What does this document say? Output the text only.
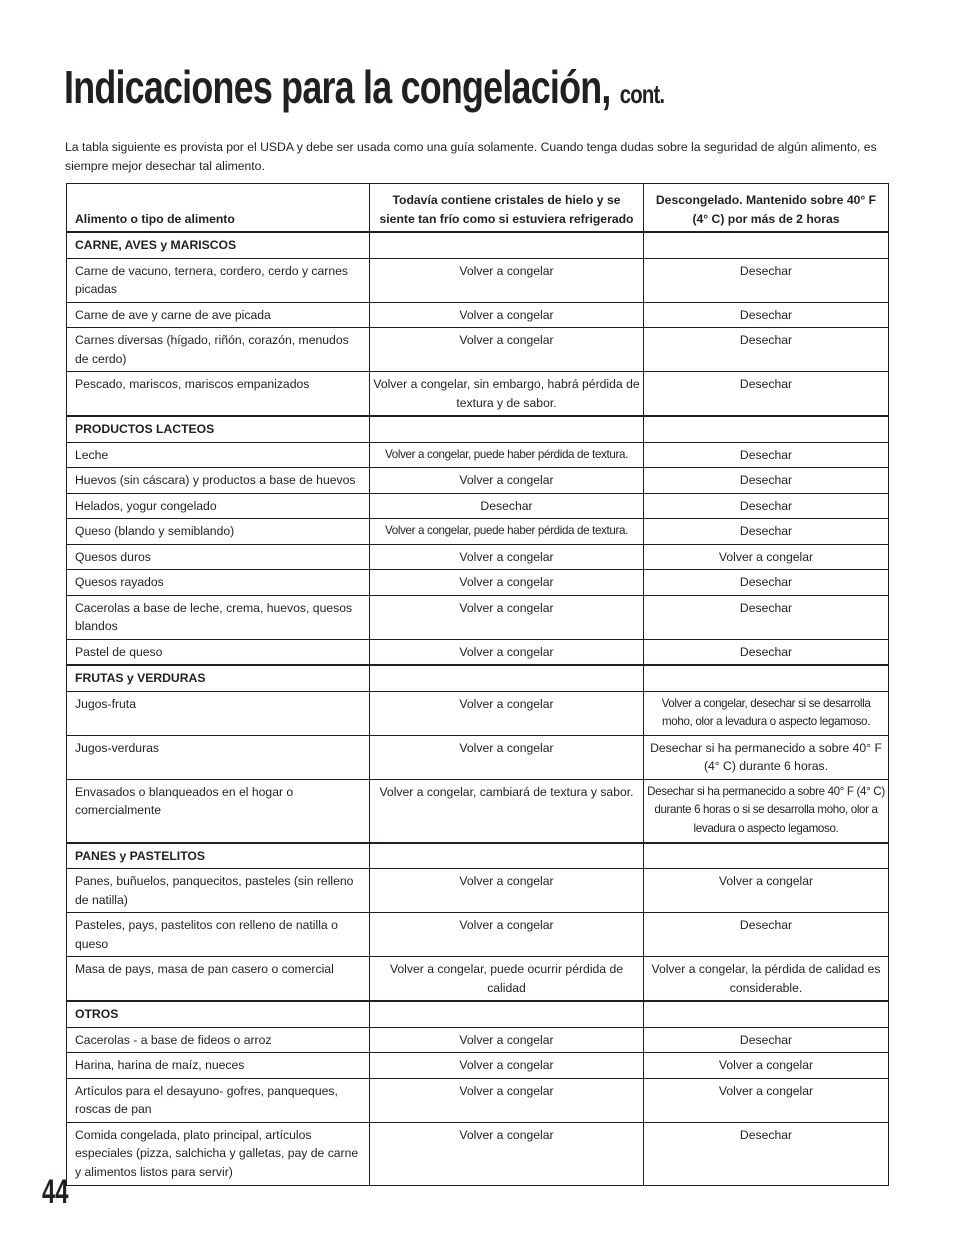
Indicaciones para la congelación, cont.

La tabla siguiente es provista por el USDA y debe ser usada como una guía solamente. Cuando tenga dudas sobre la seguridad de algún alimento, es siempre mejor desechar tal alimento.

Alimento o tipo de alimento	Todavía contiene cristales de hielo y se siente tan frío como si estuviera refrigerado	Descongelado. Mantenido sobre 40° F (4° C) por más de 2 horas
CARNE, AVES y MARISCOS		
Carne de vacuno, ternera, cordero, cerdo y carnes picadas	Volver a congelar	Desechar
Carne de ave y carne de ave picada	Volver a congelar	Desechar
Carnes diversas (hígado, riñón, corazón, menudos de cerdo)	Volver a congelar	Desechar
Pescado, mariscos, mariscos empanizados	Volver a congelar, sin embargo, habrá pérdida de textura y de sabor.	Desechar
PRODUCTOS LACTEOS		
Leche	Volver a congelar, puede haber pérdida de textura.	Desechar
Huevos (sin cáscara) y productos a base de huevos	Volver a congelar	Desechar
Helados, yogur congelado	Desechar	Desechar
Queso (blando y semiblando)	Volver a congelar, puede haber pérdida de textura.	Desechar
Quesos duros	Volver a congelar	Volver a congelar
Quesos rayados	Volver a congelar	Desechar
Cacerolas a base de leche, crema, huevos, quesos blandos	Volver a congelar	Desechar
Pastel de queso	Volver a congelar	Desechar
FRUTAS y VERDURAS		
Jugos-fruta	Volver a congelar	Volver a congelar, desechar si se desarrolla moho, olor a levadura o aspecto legamoso.
Jugos-verduras	Volver a congelar	Desechar si ha permanecido a sobre 40° F (4° C) durante 6 horas.
Envasados o blanqueados en el hogar o comercialmente	Volver a congelar, cambiará de textura y sabor.	Desechar si ha permanecido a sobre 40° F (4° C) durante 6 horas o si se desarrolla moho, olor a levadura o aspecto legamoso.
PANES y PASTELITOS		
Panes, buñuelos, panquecitos, pasteles (sin relleno de natilla)	Volver a congelar	Volver a congelar
Pasteles, pays, pastelitos con relleno de natilla o queso	Volver a congelar	Desechar
Masa de pays, masa de pan casero o comercial	Volver a congelar, puede ocurrir pérdida de calidad	Volver a congelar, la pérdida de calidad es considerable.
OTROS		
Cacerolas - a base de fideos o arroz	Volver a congelar	Desechar
Harina, harina de maíz, nueces	Volver a congelar	Volver a congelar
Artículos para el desayuno- gofres, panqueques, roscas de pan	Volver a congelar	Volver a congelar
Comida congelada, plato principal, artículos especiales (pizza, salchicha y galletas, pay de carne y alimentos listos para servir)	Volver a congelar	Desechar
44
